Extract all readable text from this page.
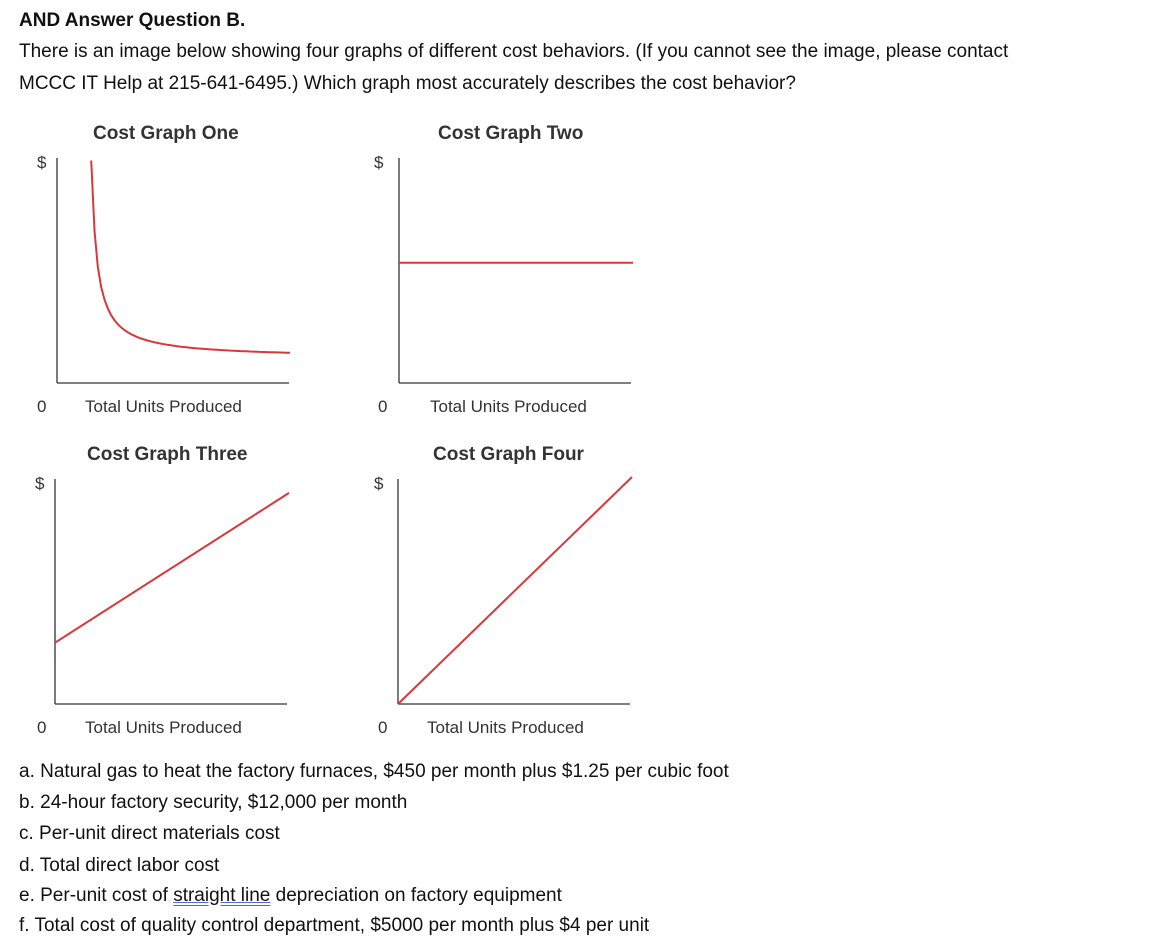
AND Answer Question B.
There is an image below showing four graphs of different cost behaviors. (If you cannot see the image, please contact
MCCC IT Help at 215-641-6495.) Which graph most accurately describes the cost behavior?
Cost Graph One
$
0 Total Units Produced
Cost Graph Two
$
0	Total Units Produced
Cost Graph Three
$
0 Total Units Produced
Cost Graph Four
$
0 Total Units Produced
a. Natural gas to heat the factory furnaces, $450 per month plus $1.25 per cubic foot
b. 24-hour factory security, $12,000 per month
c. Per-unit direct materials cost
d. Total direct labor cost
e. Per-unit cost of straight line depreciation on factory equipment
f. Total cost of quality control department, $5000 per month plus $4 per unit
